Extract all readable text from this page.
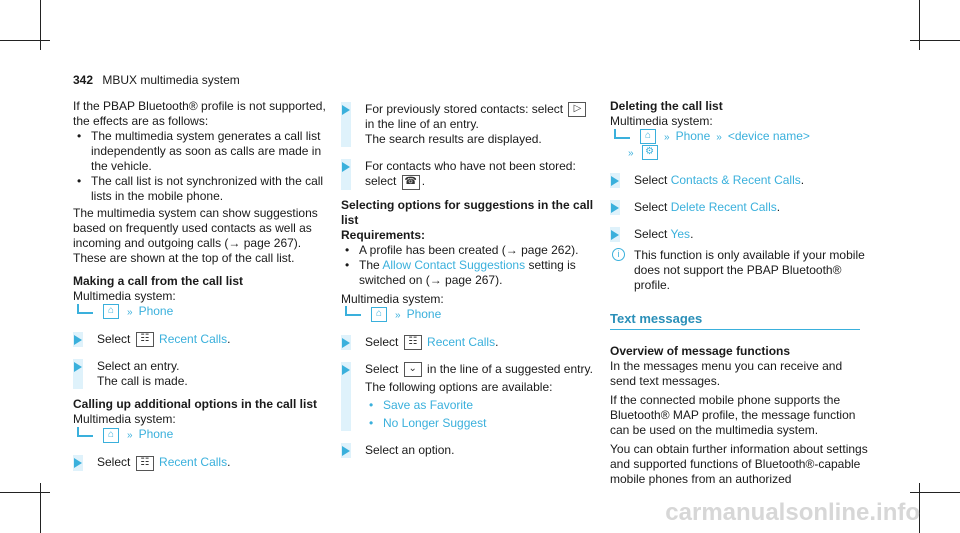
342 MBUX multimedia system

If the PBAP Bluetooth® profile is not supported, the effects are as follows:

• The multimedia system generates a call list independently as soon as calls are made in the vehicle.
• The call list is not synchronized with the call lists in the mobile phone.

The multimedia system can show suggestions based on frequently used contacts as well as incoming and outgoing calls (→ page 267). These are shown at the top of the call list.

Making a call from the call list

Multimedia system:

⌂ » Phone
Select ☷ Recent Calls.
Select an entry.
The call is made.

Calling up additional options in the call list

Multimedia system:

⌂ » Phone
Select ☷ Recent Calls.
For previously stored contacts: select ▷ in the line of an entry.
The search results are displayed.
For contacts who have not been stored: select ☎ .

Selecting options for suggestions in the call list

Requirements:

• A profile has been created (→ page 262).
• The Allow Contact Suggestions setting is switched on (→ page 267).

Multimedia system:

⌂ » Phone
Select ☷ Recent Calls.
Select ⌄ in the line of a suggested entry.
The following options are available:
• Save as Favorite
• No Longer Suggest
Select an option.

Deleting the call list

Multimedia system:

⌂ » Phone » <device name>
» ⚙
Select Contacts & Recent Calls.
Select Delete Recent Calls.
Select Yes.
i	This function is only available if your mobile does not support the PBAP Bluetooth® profile.

Text messages

Overview of message functions

In the messages menu you can receive and send text messages.

If the connected mobile phone supports the Bluetooth® MAP profile, the message function can be used on the multimedia system.

You can obtain further information about settings and supported functions of Bluetooth®-capable mobile phones from an authorized

carmanualsonline.info
